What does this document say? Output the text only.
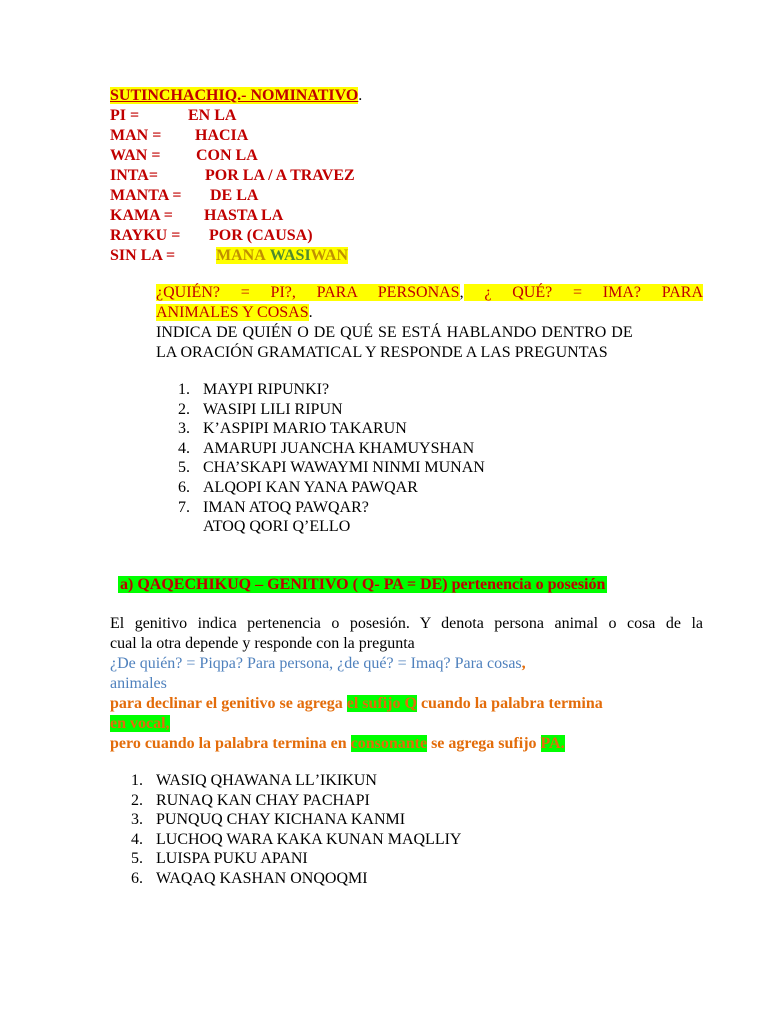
SUTINCHACHIQ.- NOMINATIVO.
PI =	EN LA
MAN = HACIA
WAN = CON LA
INTA=	POR LA / A TRAVEZ
MANTA = DE LA
KAMA = HASTA LA
RAYKU = POR (CAUSA)
SIN LA =	MANA WASIWAN
¿QUIÉN? = PI?, PARA PERSONAS, ¿ QUÉ? = IMA? PARA
ANIMALES Y COSAS.
INDICA DE QUIÉN O DE QUÉ SE ESTÁ HABLANDO DENTRO DE
LA ORACIÓN GRAMATICAL Y RESPONDE A LAS PREGUNTAS
1. MAYPI RIPUNKI?
2. WASIPI LILI RIPUN
3. K’ASPIPI MARIO TAKARUN
4. AMARUPI JUANCHA KHAMUYSHAN
5. CHA’SKAPI WAWAYMI NINMI MUNAN
6. ALQOPI KAN YANA PAWQAR
7. IMAN ATOQ PAWQAR?
ATOQ QORI Q’ELLO
a) QAQECHIKUQ – GENITIVO ( Q- PA = DE) pertenencia o posesión
El genitivo indica pertenencia o posesión. Y denota persona animal o cosa de la
cual la otra depende y responde con la pregunta
¿De quién? = Piqpa? Para persona, ¿de qué? = Imaq? Para cosas,
animales
para declinar el genitivo se agrega el sufijo Q cuando la palabra termina
en vocal,
pero cuando la palabra termina en consonante se agrega sufijo PA.
1. WASIQ QHAWANA LLʼIKIKUN
2. RUNAQ KAN CHAY PACHAPI
3. PUNQUQ CHAY KICHANA KANMI
4. LUCHOQ WARA KAKA KUNAN MAQLLIY
5. LUISPA PUKU APANI
6. WAQAQ KASHAN ONQOQMI
